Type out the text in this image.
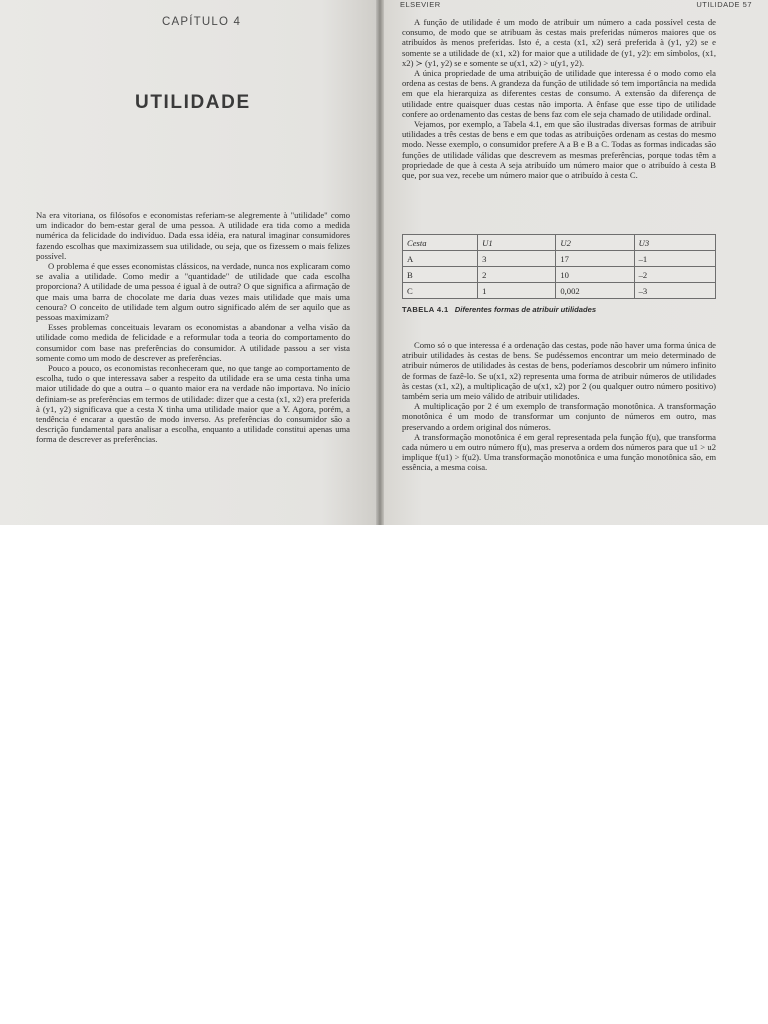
CAPÍTULO 4
UTILIDADE

Na era vitoriana, os filósofos e economistas referiam-se alegremente à "utilidade" como um indicador do bem-estar geral de uma pessoa. A utilidade era tida como a medida numérica da felicidade do indivíduo. Dada essa idéia, era natural imaginar consumidores fazendo escolhas que maximizassem sua utilidade, ou seja, que os fizessem o mais felizes possível.

O problema é que esses economistas clássicos, na verdade, nunca nos explicaram como se avalia a utilidade. Como medir a "quantidade" de utilidade que cada escolha proporciona? A utilidade de uma pessoa é igual à de outra? O que significa a afirmação de que mais uma barra de chocolate me daria duas vezes mais utilidade que mais uma cenoura? O conceito de utilidade tem algum outro significado além de ser aquilo que as pessoas maximizam?

Esses problemas conceituais levaram os economistas a abandonar a velha visão da utilidade como medida de felicidade e a reformular toda a teoria do comportamento do consumidor com base nas preferências do consumidor. A utilidade passou a ser vista somente como um modo de descrever as preferências.

Pouco a pouco, os economistas reconheceram que, no que tange ao comportamento de escolha, tudo o que interessava saber a respeito da utilidade era se uma cesta tinha uma maior utilidade do que a outra – o quanto maior era na verdade não importava. No início definiam-se as preferências em termos de utilidade: dizer que a cesta (x1, x2) era preferida à (y1, y2) significava que a cesta X tinha uma utilidade maior que a Y. Agora, porém, a tendência é encarar a questão de modo inverso. As preferências do consumidor são a descrição fundamental para analisar a escolha, enquanto a utilidade constitui apenas uma forma de descrever as preferências.

ELSEVIER	UTILIDADE 57

A função de utilidade é um modo de atribuir um número a cada possível cesta de consumo, de modo que se atribuam às cestas mais preferidas números maiores que os atribuídos às menos preferidas. Isto é, a cesta (x1, x2) será preferida à (y1, y2) se e somente se a utilidade de (x1, x2) for maior que a utilidade de (y1, y2): em símbolos, (x1, x2) ≻ (y1, y2) se e somente se u(x1, x2) > u(y1, y2).

A única propriedade de uma atribuição de utilidade que interessa é o modo como ela ordena as cestas de bens. A grandeza da função de utilidade só tem importância na medida em que ela hierarquiza as diferentes cestas de consumo. A extensão da diferença de utilidade entre quaisquer duas cestas não importa. A ênfase que esse tipo de utilidade confere ao ordenamento das cestas de bens faz com ele seja chamado de utilidade ordinal.

Vejamos, por exemplo, a Tabela 4.1, em que são ilustradas diversas formas de atribuir utilidades a três cestas de bens e em que todas as atribuições ordenam as cestas do mesmo modo. Nesse exemplo, o consumidor prefere A a B e B a C. Todas as formas indicadas são funções de utilidade válidas que descrevem as mesmas preferências, porque todas têm a propriedade de que à cesta A seja atribuído um número maior que o atribuído à cesta B que, por sua vez, recebe um número maior que o atribuído à cesta C.

Cesta	U1	U2	U3
A	3	17	–1
B	2	10	–2
C	1	0,002	–3
TABELA 4.1 Diferentes formas de atribuir utilidades

Como só o que interessa é a ordenação das cestas, pode não haver uma forma única de atribuir utilidades às cestas de bens. Se pudéssemos encontrar um meio determinado de atribuir números de utilidades às cestas de bens, poderíamos descobrir um número infinito de formas de fazê-lo. Se u(x1, x2) representa uma forma de atribuir números de utilidades às cestas (x1, x2), a multiplicação de u(x1, x2) por 2 (ou qualquer outro número positivo) também seria um meio válido de atribuir utilidades.

A multiplicação por 2 é um exemplo de transformação monotônica. A transformação monotônica é um modo de transformar um conjunto de números em outro, mas preservando a ordem original dos números.

A transformação monotônica é em geral representada pela função f(u), que transforma cada número u em outro número f(u), mas preserva a ordem dos números para que u1 > u2 implique f(u1) > f(u2). Uma transformação monotônica e uma função monotônica são, em essência, a mesma coisa.
